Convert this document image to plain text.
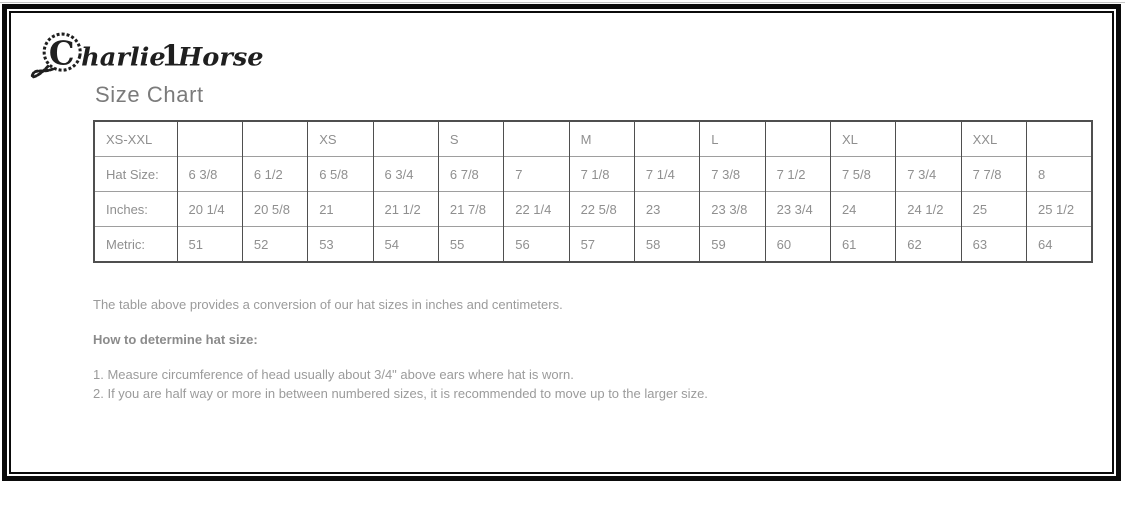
C harlie
1
Horse
Size Chart
XS-XXL			XS		S		M		L		XL		XXL	
Hat Size:	6 3/8	6 1/2	6 5/8	6 3/4	6 7/8	7	7 1/8	7 1/4	7 3/8	7 1/2	7 5/8	7 3/4	7 7/8	8
Inches:	20 1/4	20 5/8	21	21 1/2	21 7/8	22 1/4	22 5/8	23	23 3/8	23 3/4	24	24 1/2	25	25 1/2
Metric:	51	52	53	54	55	56	57	58	59	60	61	62	63	64

The table above provides a conversion of our hat sizes in inches and centimeters.

How to determine hat size:

1. Measure circumference of head usually about 3/4" above ears where hat is worn.

2. If you are half way or more in between numbered sizes, it is recommended to move up to the larger size.
